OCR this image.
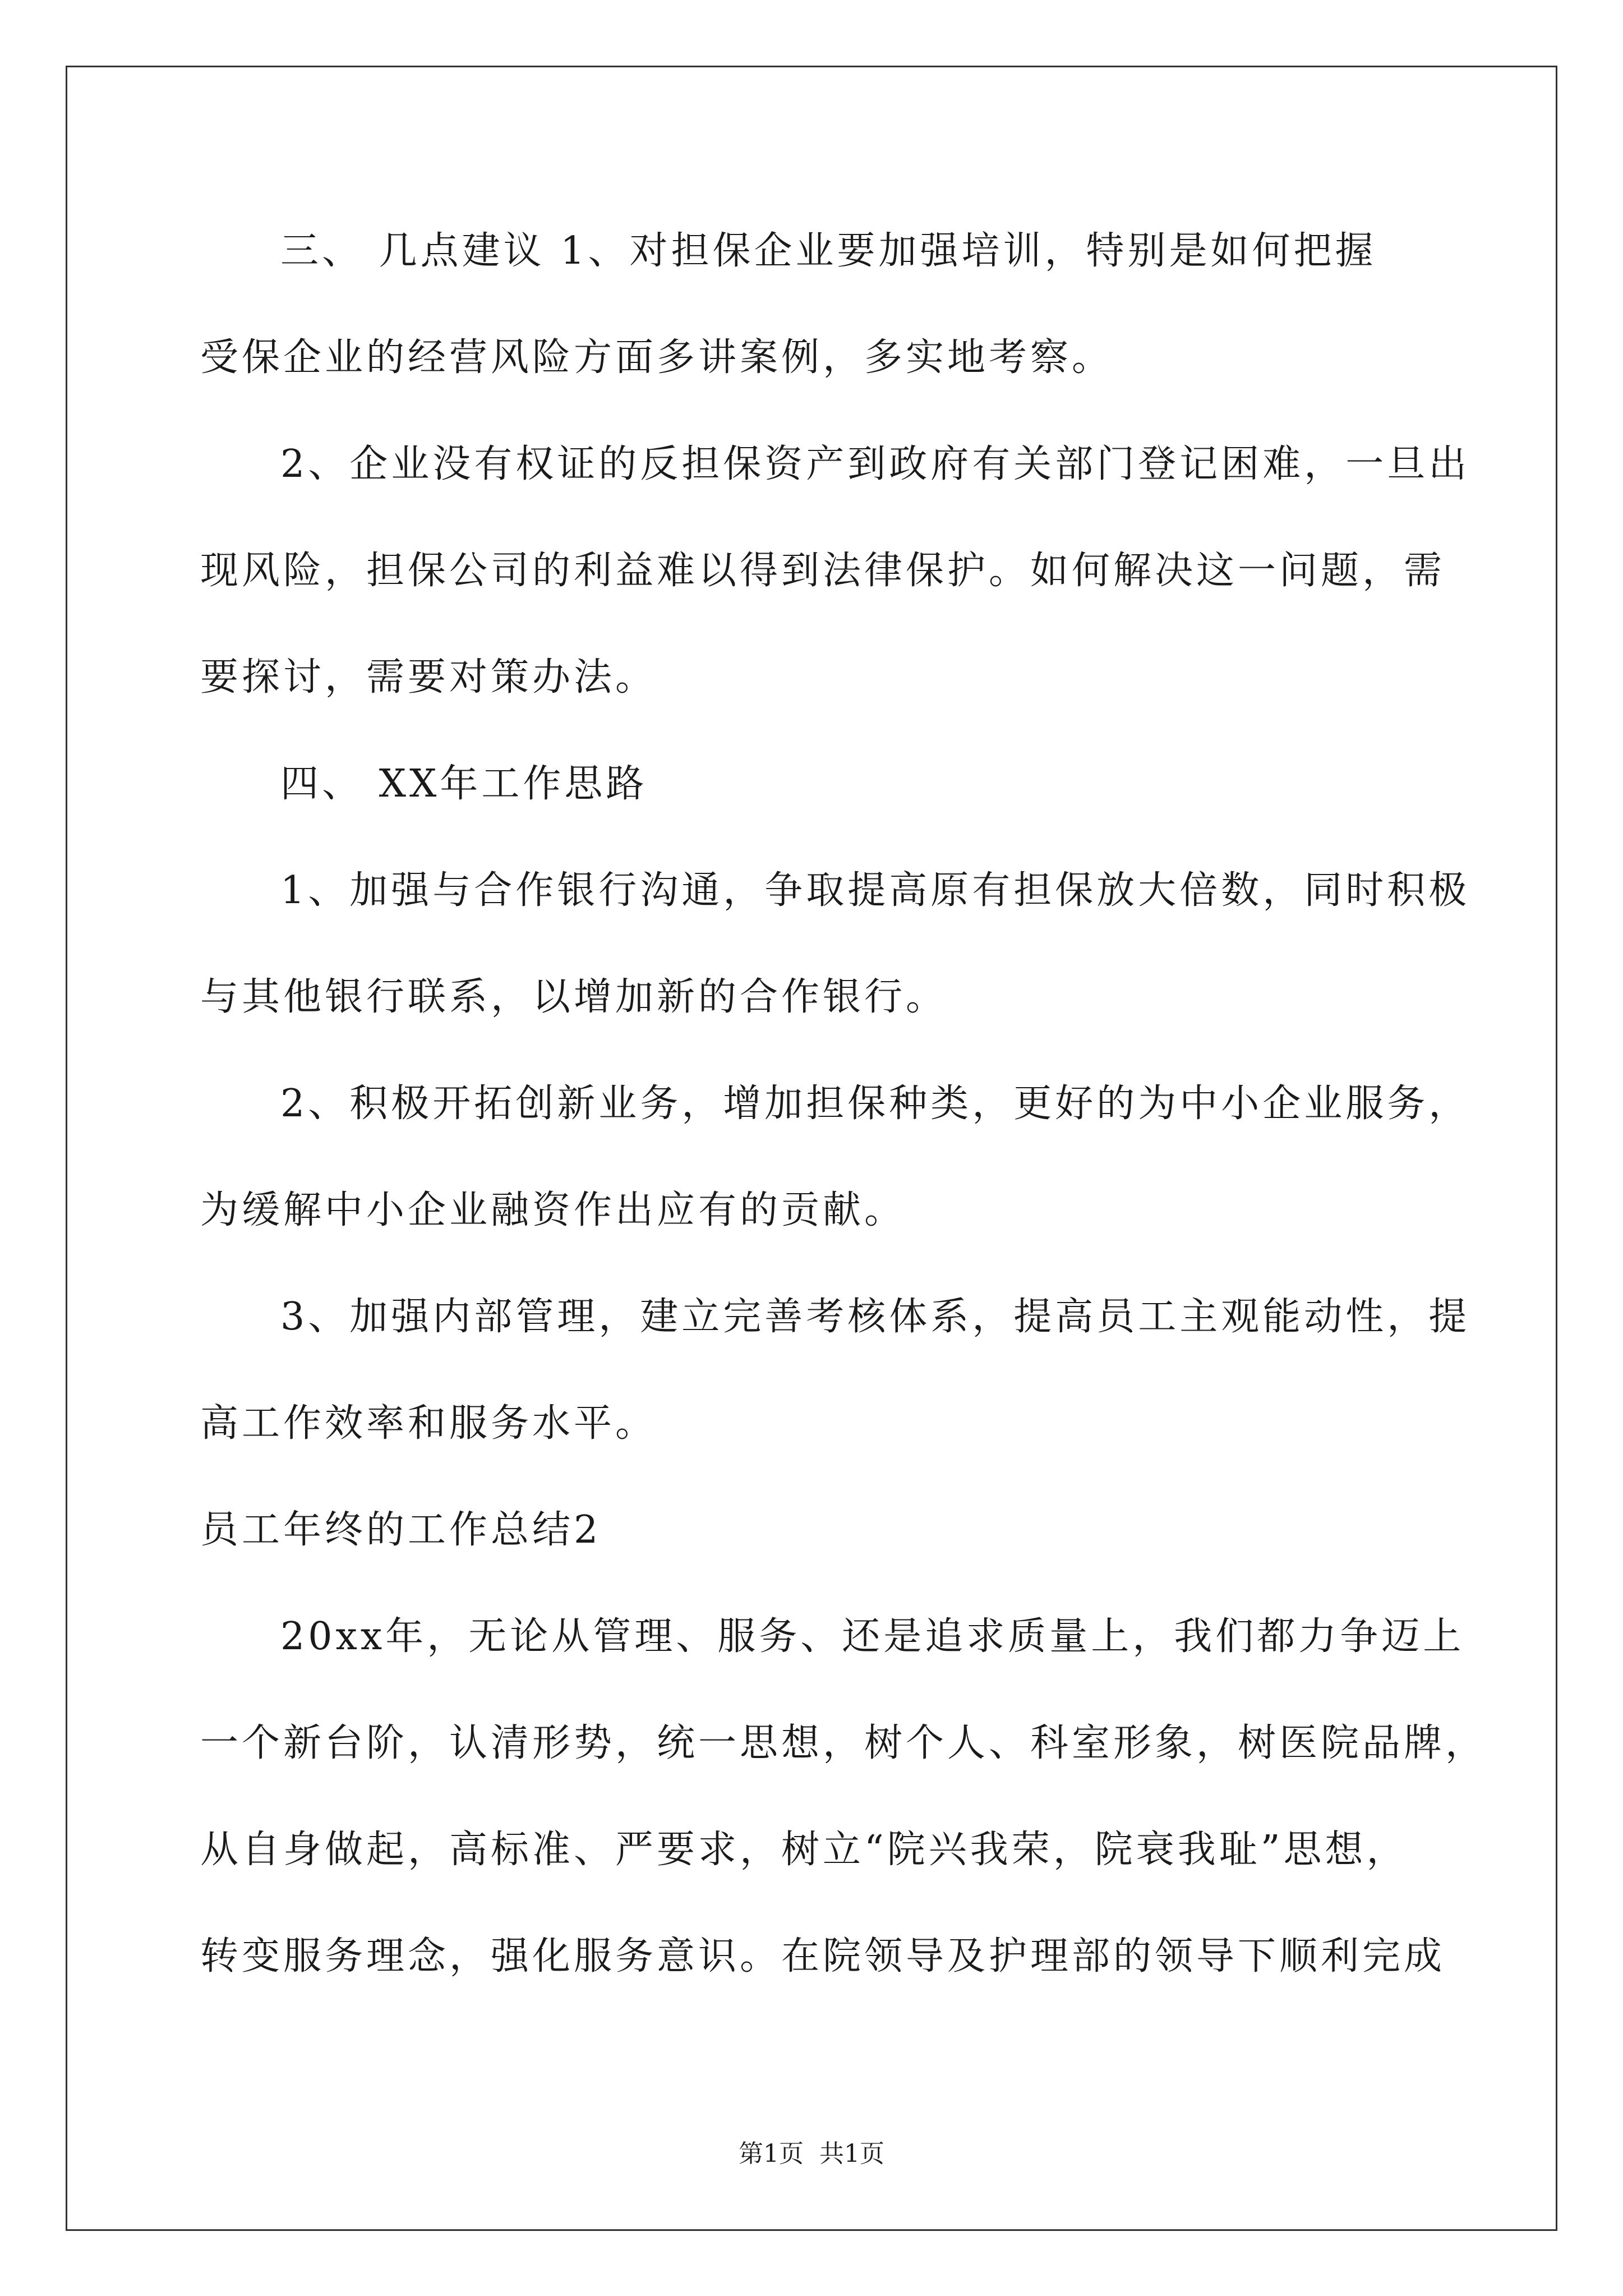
三、 几点建议 1、对担保企业要加强培训，特别是如何把握
受保企业的经营风险方面多讲案例，多实地考察。
2、企业没有权证的反担保资产到政府有关部门登记困难，一旦出
现风险，担保公司的利益难以得到法律保护。如何解决这一问题，需
要探讨，需要对策办法。
四、 XX年工作思路
1、加强与合作银行沟通，争取提高原有担保放大倍数，同时积极
与其他银行联系，以增加新的合作银行。
2、积极开拓创新业务，增加担保种类，更好的为中小企业服务，
为缓解中小企业融资作出应有的贡献。
3、加强内部管理，建立完善考核体系，提高员工主观能动性，提
高工作效率和服务水平。
员工年终的工作总结2
20xx年，无论从管理、服务、还是追求质量上，我们都力争迈上
一个新台阶，认清形势，统一思想，树个人、科室形象，树医院品牌，
从自身做起，高标准、严要求，树立“院兴我荣，院衰我耻”思想，
转变服务理念，强化服务意识。在院领导及护理部的领导下顺利完成
第1页  共1页
